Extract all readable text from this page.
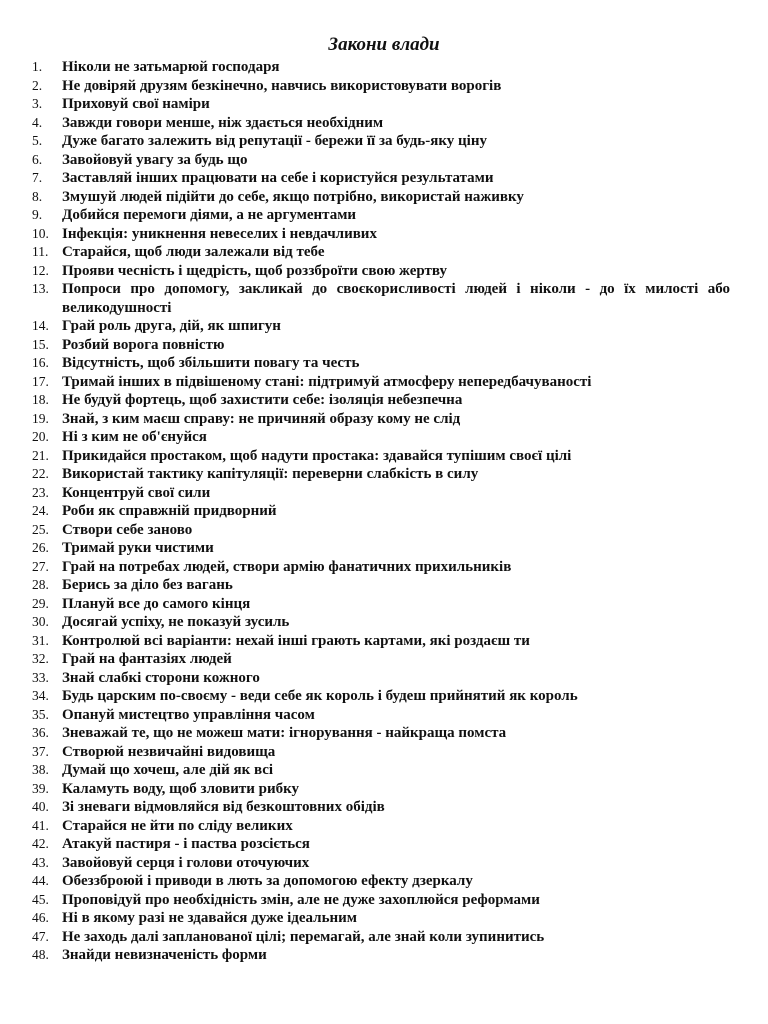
Закони влади
1.	Ніколи не затьмарюй господаря
2.	Не довіряй друзям безкінечно, навчись використовувати ворогів
3.	Приховуй свої наміри
4.	Завжди говори менше, ніж здається необхідним
5.	Дуже багато залежить від репутації - бережи її за будь-яку ціну
6.	Завойовуй увагу за будь що
7.	Заставляй інших працювати на себе і користуйся результатами
8.	Змушуй людей підійти до себе, якщо потрібно, використай наживку
9.	Добийся перемоги діями, а не аргументами
10. Інфекція: уникнення невеселих і невдачливих
11. Старайся, щоб люди залежали від тебе
12. Прояви чесність і щедрість, щоб роззброїти свою жертву
13. Попроси про допомогу, закликай до своєкорисливості людей і ніколи - до їх милості або великодушності
14. Грай роль друга, дій, як шпигун
15. Розбий ворога повністю
16. Відсутність, щоб збільшити повагу та честь
17. Тримай інших в підвішеному стані: підтримуй атмосферу непередбачуваності
18. Не будуй фортець, щоб захистити себе: ізоляція небезпечна
19. Знай, з ким маєш справу: не причиняй образу кому не слід
20. Ні з ким не об'єнуйся
21. Прикидайся простаком, щоб надути простака: здавайся тупішим своєї цілі
22. Використай тактику капітуляції: переверни слабкість в силу
23. Концентруй свої сили
24. Роби як справжній придворний
25. Створи себе заново
26. Тримай руки чистими
27. Грай на потребах людей, створи армію фанатичних прихильників
28. Берись за діло без вагань
29. Плануй все до самого кінця
30. Досягай успіху, не показуй зусиль
31. Контролюй всі варіанти: нехай інші грають картами, які роздаєш ти
32. Грай на фантазіях людей
33. Знай слабкі сторони кожного
34. Будь царским по-своєму - веди себе як король і будеш прийнятий як король
35. Опануй мистецтво управління часом
36. Зневажай те, що не можеш мати: ігнорування - найкраща помста
37. Створюй незвичайні видовища
38. Думай що хочеш, але дій як всі
39. Каламуть воду, щоб зловити рибку
40. Зі зневаги відмовляйся від безкоштовних обідів
41. Старайся не йти по сліду великих
42. Атакуй пастиря - і паства розсіється
43. Завойовуй серця і голови оточуючих
44. Обеззброюй і приводи в лють за допомогою ефекту дзеркалу
45. Проповідуй про необхідність змін, але не дуже захоплюйся реформами
46. Ні в якому разі не здавайся дуже ідеальним
47. Не заходь далі запланованої цілі; перемагай, але знай коли зупинитись
48. Знайди невизначеність форми
